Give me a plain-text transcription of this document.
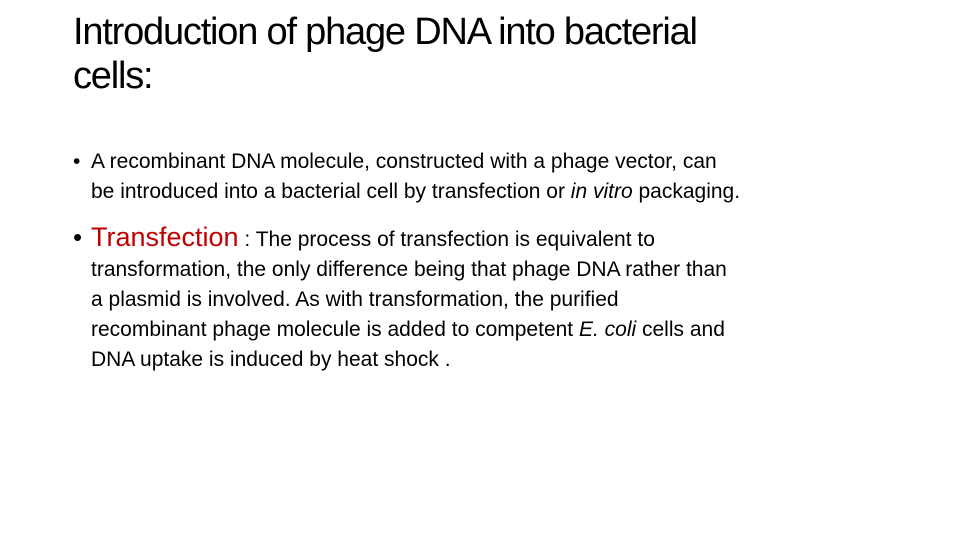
Introduction of phage DNA into bacterial
cells:
• A recombinant DNA molecule, constructed with a phage vector, can
be introduced into a bacterial cell by transfection or in vitro packaging.
• Transfection : The process of transfection is equivalent to
transformation, the only difference being that phage DNA rather than
a plasmid is involved. As with transformation, the purified
recombinant phage molecule is added to competent E. coli cells and
DNA uptake is induced by heat shock .
